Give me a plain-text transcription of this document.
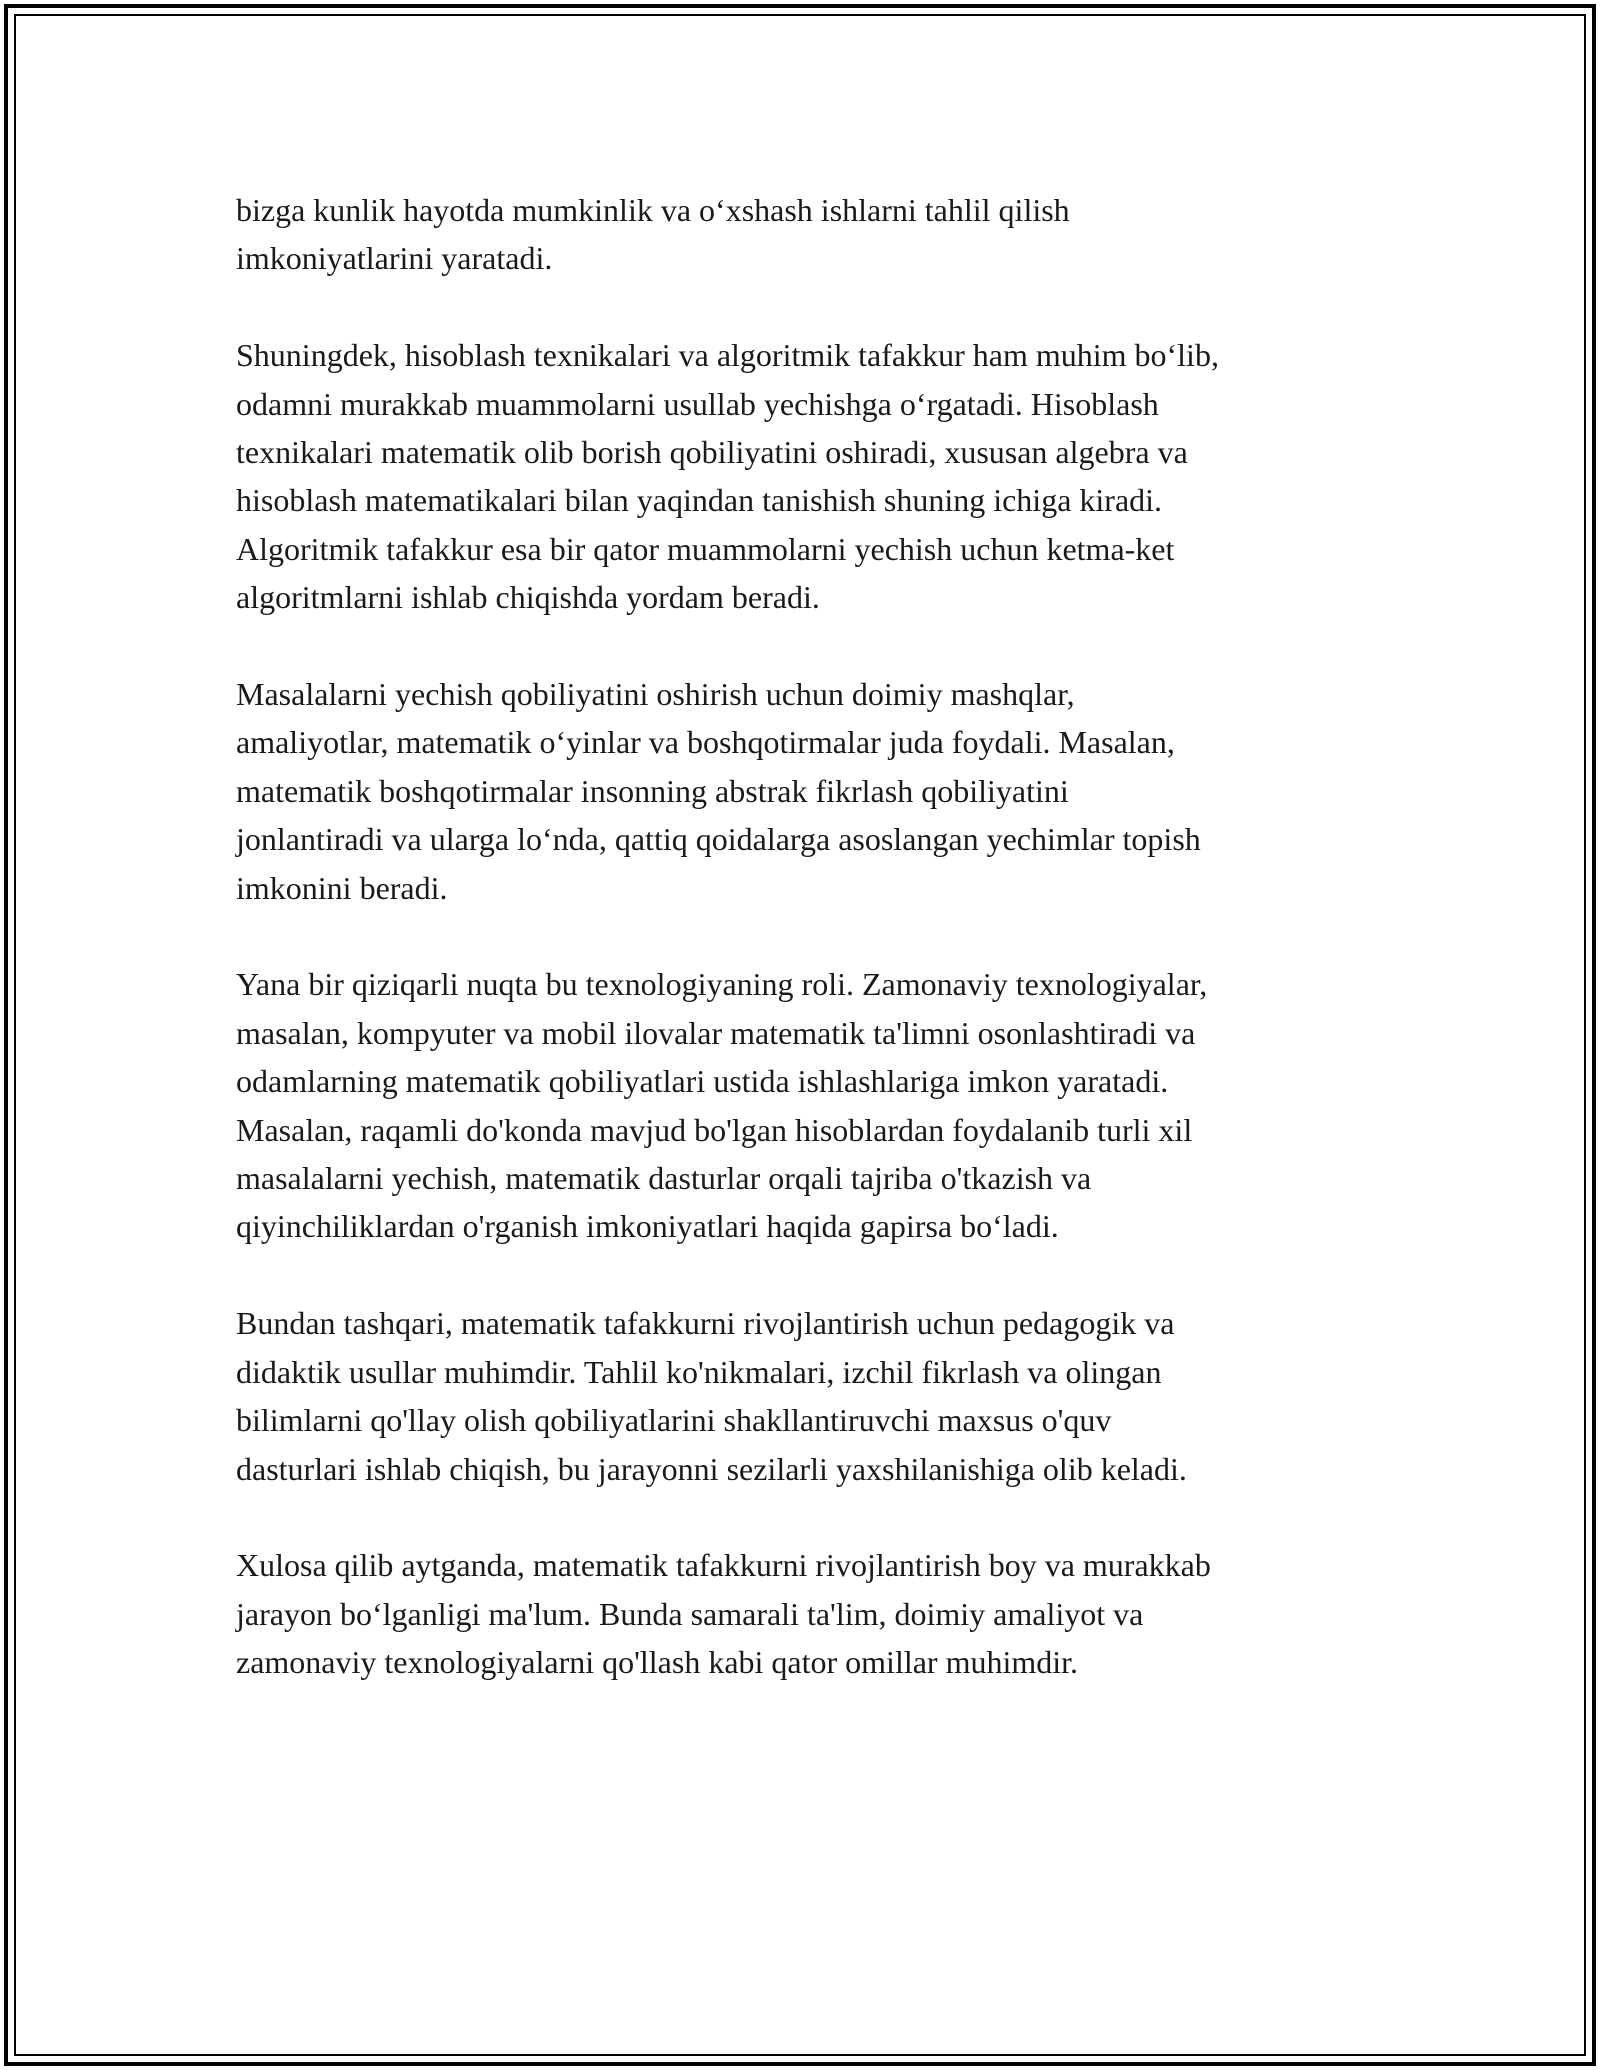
bizga kunlik hayotda mumkinlik va o‘xshash ishlarni tahlil qilish
imkoniyatlarini yaratadi.

Shuningdek, hisoblash texnikalari va algoritmik tafakkur ham muhim bo‘lib,
odamni murakkab muammolarni usullab yechishga o‘rgatadi. Hisoblash
texnikalari matematik olib borish qobiliyatini oshiradi, xususan algebra va
hisoblash matematikalari bilan yaqindan tanishish shuning ichiga kiradi.
Algoritmik tafakkur esa bir qator muammolarni yechish uchun ketma-ket
algoritmlarni ishlab chiqishda yordam beradi.

Masalalarni yechish qobiliyatini oshirish uchun doimiy mashqlar,
amaliyotlar, matematik o‘yinlar va boshqotirmalar juda foydali. Masalan,
matematik boshqotirmalar insonning abstrak fikrlash qobiliyatini
jonlantiradi va ularga lo‘nda, qattiq qoidalarga asoslangan yechimlar topish
imkonini beradi.

Yana bir qiziqarli nuqta bu texnologiyaning roli. Zamonaviy texnologiyalar,
masalan, kompyuter va mobil ilovalar matematik ta'limni osonlashtiradi va
odamlarning matematik qobiliyatlari ustida ishlashlariga imkon yaratadi.
Masalan, raqamli do'konda mavjud bo'lgan hisoblardan foydalanib turli xil
masalalarni yechish, matematik dasturlar orqali tajriba o'tkazish va
qiyinchiliklardan o'rganish imkoniyatlari haqida gapirsa bo‘ladi.

Bundan tashqari, matematik tafakkurni rivojlantirish uchun pedagogik va
didaktik usullar muhimdir. Tahlil ko'nikmalari, izchil fikrlash va olingan
bilimlarni qo'llay olish qobiliyatlarini shakllantiruvchi maxsus o'quv
dasturlari ishlab chiqish, bu jarayonni sezilarli yaxshilanishiga olib keladi.

Xulosa qilib aytganda, matematik tafakkurni rivojlantirish boy va murakkab
jarayon bo‘lganligi ma'lum. Bunda samarali ta'lim, doimiy amaliyot va
zamonaviy texnologiyalarni qo'llash kabi qator omillar muhimdir.
